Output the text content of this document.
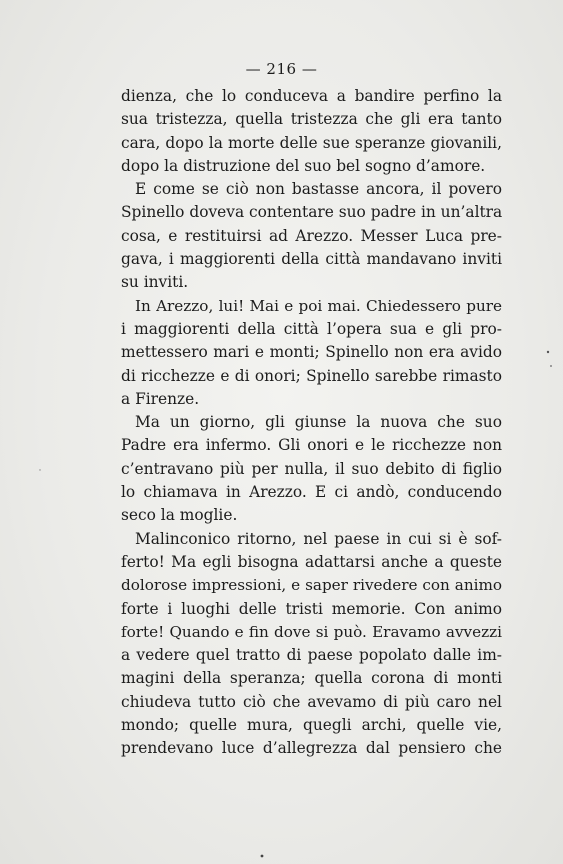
— 216 —
dienza, che lo conduceva a bandire perfino la
sua tristezza, quella tristezza che gli era tanto
cara, dopo la morte delle sue speranze giovanili,
dopo la distruzione del suo bel sogno d’amore.
E come se ciò non bastasse ancora, il povero
Spinello doveva contentare suo padre in un’altra
cosa, e restituirsi ad Arezzo. Messer Luca pre-
gava, i maggiorenti della città mandavano inviti
su inviti.
In Arezzo, lui! Mai e poi mai. Chiedessero pure
i maggiorenti della città l’opera sua e gli pro-
mettessero mari e monti; Spinello non era avido
di ricchezze e di onori; Spinello sarebbe rimasto
a Firenze.
Ma un giorno, gli giunse la nuova che suo
Padre era infermo. Gli onori e le ricchezze non
c’entravano più per nulla, il suo debito di figlio
lo chiamava in Arezzo. E ci andò, conducendo
seco la moglie.
Malinconico ritorno, nel paese in cui si è sof-
ferto! Ma egli bisogna adattarsi anche a queste
dolorose impressioni, e saper rivedere con animo
forte i luoghi delle tristi memorie. Con animo
forte! Quando e fin dove si può. Eravamo avvezzi
a vedere quel tratto di paese popolato dalle im-
magini della speranza; quella corona di monti
chiudeva tutto ciò che avevamo di più caro nel
mondo; quelle mura, quegli archi, quelle vie,
prendevano luce d’allegrezza dal pensiero che
